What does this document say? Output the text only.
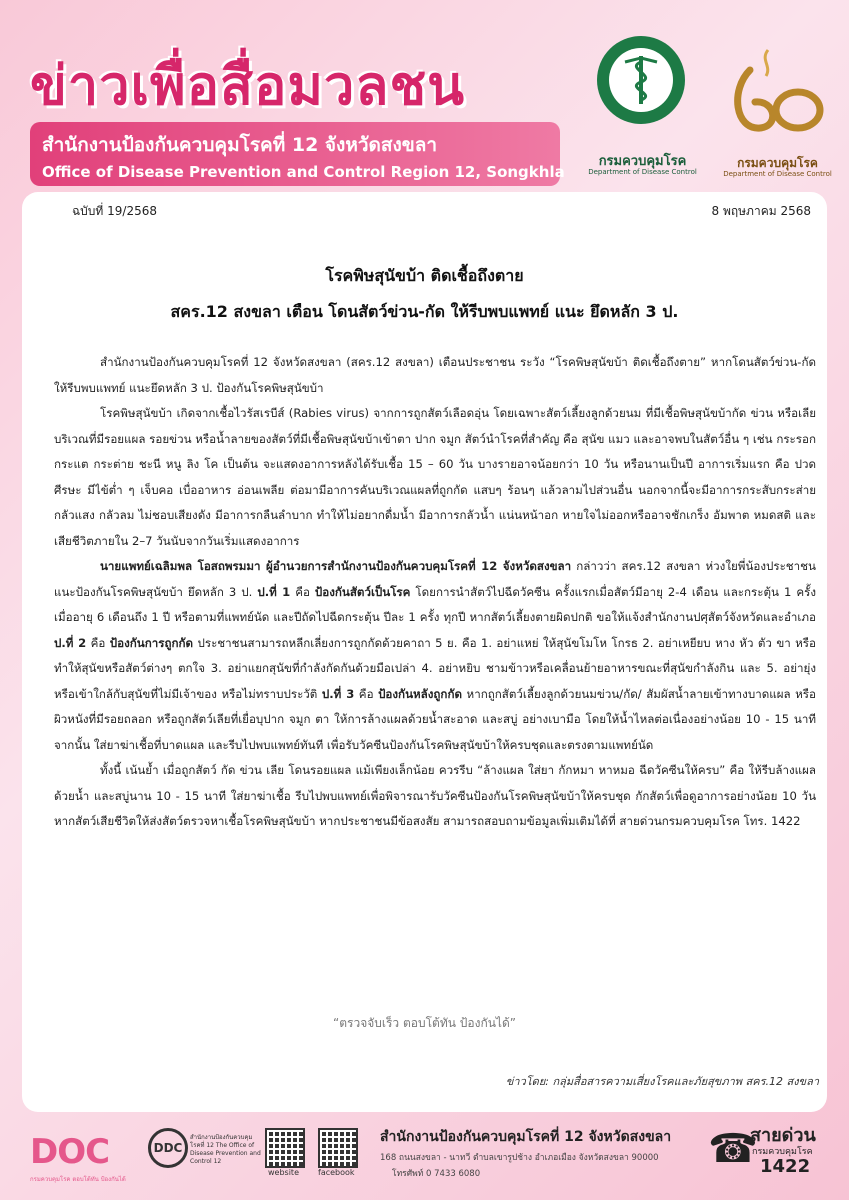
ข่าวเพื่อสื่อมวลชน
สำนักงานป้องกันควบคุมโรคที่ 12 จังหวัดสงขลา
Office of Disease Prevention and Control Region 12, Songkhla
กรมควบคุมโรค
Department of Disease Control
กรมควบคุมโรค
Department of Disease Control
ฉบับที่ 19/2568	8 พฤษภาคม 2568
โรคพิษสุนัขบ้า ติดเชื้อถึงตาย
สคร.12 สงขลา เตือน โดนสัตว์ข่วน-กัด ให้รีบพบแพทย์ แนะ ยึดหลัก 3 ป.

สำนักงานป้องกันควบคุมโรคที่ 12 จังหวัดสงขลา (สคร.12 สงขลา) เตือนประชาชน ระวัง “โรคพิษสุนัขบ้า ติดเชื้อถึงตาย” หากโดนสัตว์ข่วน-กัด ให้รีบพบแพทย์ แนะยึดหลัก 3 ป. ป้องกันโรคพิษสุนัขบ้า

โรคพิษสุนัขบ้า เกิดจากเชื้อไวรัสเรบีส์ (Rabies virus) จากการถูกสัตว์เลือดอุ่น โดยเฉพาะสัตว์เลี้ยงลูกด้วยนม ที่มีเชื้อพิษสุนัขบ้ากัด ข่วน หรือเลียบริเวณที่มีรอยแผล รอยข่วน หรือน้ำลายของสัตว์ที่มีเชื้อพิษสุนัขบ้าเข้าตา ปาก จมูก สัตว์นำโรคที่สำคัญ คือ สุนัข แมว และอาจพบในสัตว์อื่น ๆ เช่น กระรอก กระแต กระต่าย ชะนี หนู ลิง โค เป็นต้น จะแสดงอาการหลังได้รับเชื้อ 15 – 60 วัน บางรายอาจน้อยกว่า 10 วัน หรือนานเป็นปี อาการเริ่มแรก คือ ปวดศีรษะ มีไข้ต่ำ ๆ เจ็บคอ เบื่ออาหาร อ่อนเพลีย ต่อมามีอาการคันบริเวณแผลที่ถูกกัด แสบๆ ร้อนๆ แล้วลามไปส่วนอื่น นอกจากนี้จะมีอาการกระสับกระส่าย กลัวแสง กลัวลม ไม่ชอบเสียงดัง มีอาการกลืนลำบาก ทำให้ไม่อยากดื่มน้ำ มีอาการกลัวน้ำ แน่นหน้าอก หายใจไม่ออกหรืออาจชักเกร็ง อัมพาต หมดสติ และเสียชีวิตภายใน 2–7 วันนับจากวันเริ่มแสดงอาการ

นายแพทย์เฉลิมพล โอสถพรมมา ผู้อำนวยการสำนักงานป้องกันควบคุมโรคที่ 12 จังหวัดสงขลา กล่าวว่า สคร.12 สงขลา ห่วงใยพี่น้องประชาชน แนะป้องกันโรคพิษสุนัขบ้า ยึดหลัก 3 ป. ป.ที่ 1 คือ ป้องกันสัตว์เป็นโรค โดยการนำสัตว์ไปฉีดวัคซีน ครั้งแรกเมื่อสัตว์มีอายุ 2-4 เดือน และกระตุ้น 1 ครั้ง เมื่ออายุ 6 เดือนถึง 1 ปี หรือตามที่แพทย์นัด และปีถัดไปฉีดกระตุ้น ปีละ 1 ครั้ง ทุกปี หากสัตว์เลี้ยงตายผิดปกติ ขอให้แจ้งสำนักงานปศุสัตว์จังหวัดและอำเภอ ป.ที่ 2 คือ ป้องกันการถูกกัด ประชาชนสามารถหลีกเลี่ยงการถูกกัดด้วยคาถา 5 ย. คือ 1. อย่าแหย่ ให้สุนัขโมโห โกรธ 2. อย่าเหยียบ หาง หัว ตัว ขา หรือ ทำให้สุนัขหรือสัตว์ต่างๆ ตกใจ 3. อย่าแยกสุนัขที่กำลังกัดกันด้วยมือเปล่า 4. อย่าหยิบ ชามข้าวหรือเคลื่อนย้ายอาหารขณะที่สุนัขกำลังกิน และ 5. อย่ายุ่ง หรือเข้าใกล้กับสุนัขที่ไม่มีเจ้าของ หรือไม่ทราบประวัติ ป.ที่ 3 คือ ป้องกันหลังถูกกัด หากถูกสัตว์เลี้ยงลูกด้วยนมข่วน/กัด/ สัมผัสน้ำลายเข้าทางบาดแผล หรือผิวหนังที่มีรอยถลอก หรือถูกสัตว์เลียที่เยื่อบุปาก จมูก ตา ให้การล้างแผลด้วยน้ำสะอาด และสบู่ อย่างเบามือ โดยให้น้ำไหลต่อเนื่องอย่างน้อย 10 - 15 นาที จากนั้น ใส่ยาฆ่าเชื้อที่บาดแผล และรีบไปพบแพทย์ทันที เพื่อรับวัคซีนป้องกันโรคพิษสุนัขบ้าให้ครบชุดและตรงตามแพทย์นัด

ทั้งนี้ เน้นย้ำ เมื่อถูกสัตว์ กัด ข่วน เลีย โดนรอยแผล แม้เพียงเล็กน้อย ควรรีบ “ล้างแผล ใส่ยา กักหมา หาหมอ ฉีดวัคซีนให้ครบ” คือ ให้รีบล้างแผลด้วยน้ำ และสบู่นาน 10 - 15 นาที ใส่ยาฆ่าเชื้อ รีบไปพบแพทย์เพื่อพิจารณารับวัคซีนป้องกันโรคพิษสุนัขบ้าให้ครบชุด กักสัตว์เพื่อดูอาการอย่างน้อย 10 วัน หากสัตว์เสียชีวิตให้ส่งสัตว์ตรวจหาเชื้อโรคพิษสุนัขบ้า หากประชาชนมีข้อสงสัย สามารถสอบถามข้อมูลเพิ่มเติมได้ที่ สายด่วนกรมควบคุมโรค โทร. 1422

“ตรวจจับเร็ว ตอบโต้ทัน ป้องกันได้”
ข่าวโดย: กลุ่มสื่อสารความเสี่ยงโรคและภัยสุขภาพ สคร.12 สงขลา
DOC
กรมควบคุมโรค ตอบโต้ทัน ป้องกันได้
DDC
สำนักงานป้องกันควบคุมโรคที่ 12 The Office of Disease Prevention and Control 12
website facebook
สำนักงานป้องกันควบคุมโรคที่ 12 จังหวัดสงขลา
168 ถนนสงขลา - นาทวี ตำบลเขารูปช้าง อำเภอเมือง จังหวัดสงขลา 90000
โทรศัพท์ 0 7433 6080
☎
สายด่วน
กรมควบคุมโรค
1422
